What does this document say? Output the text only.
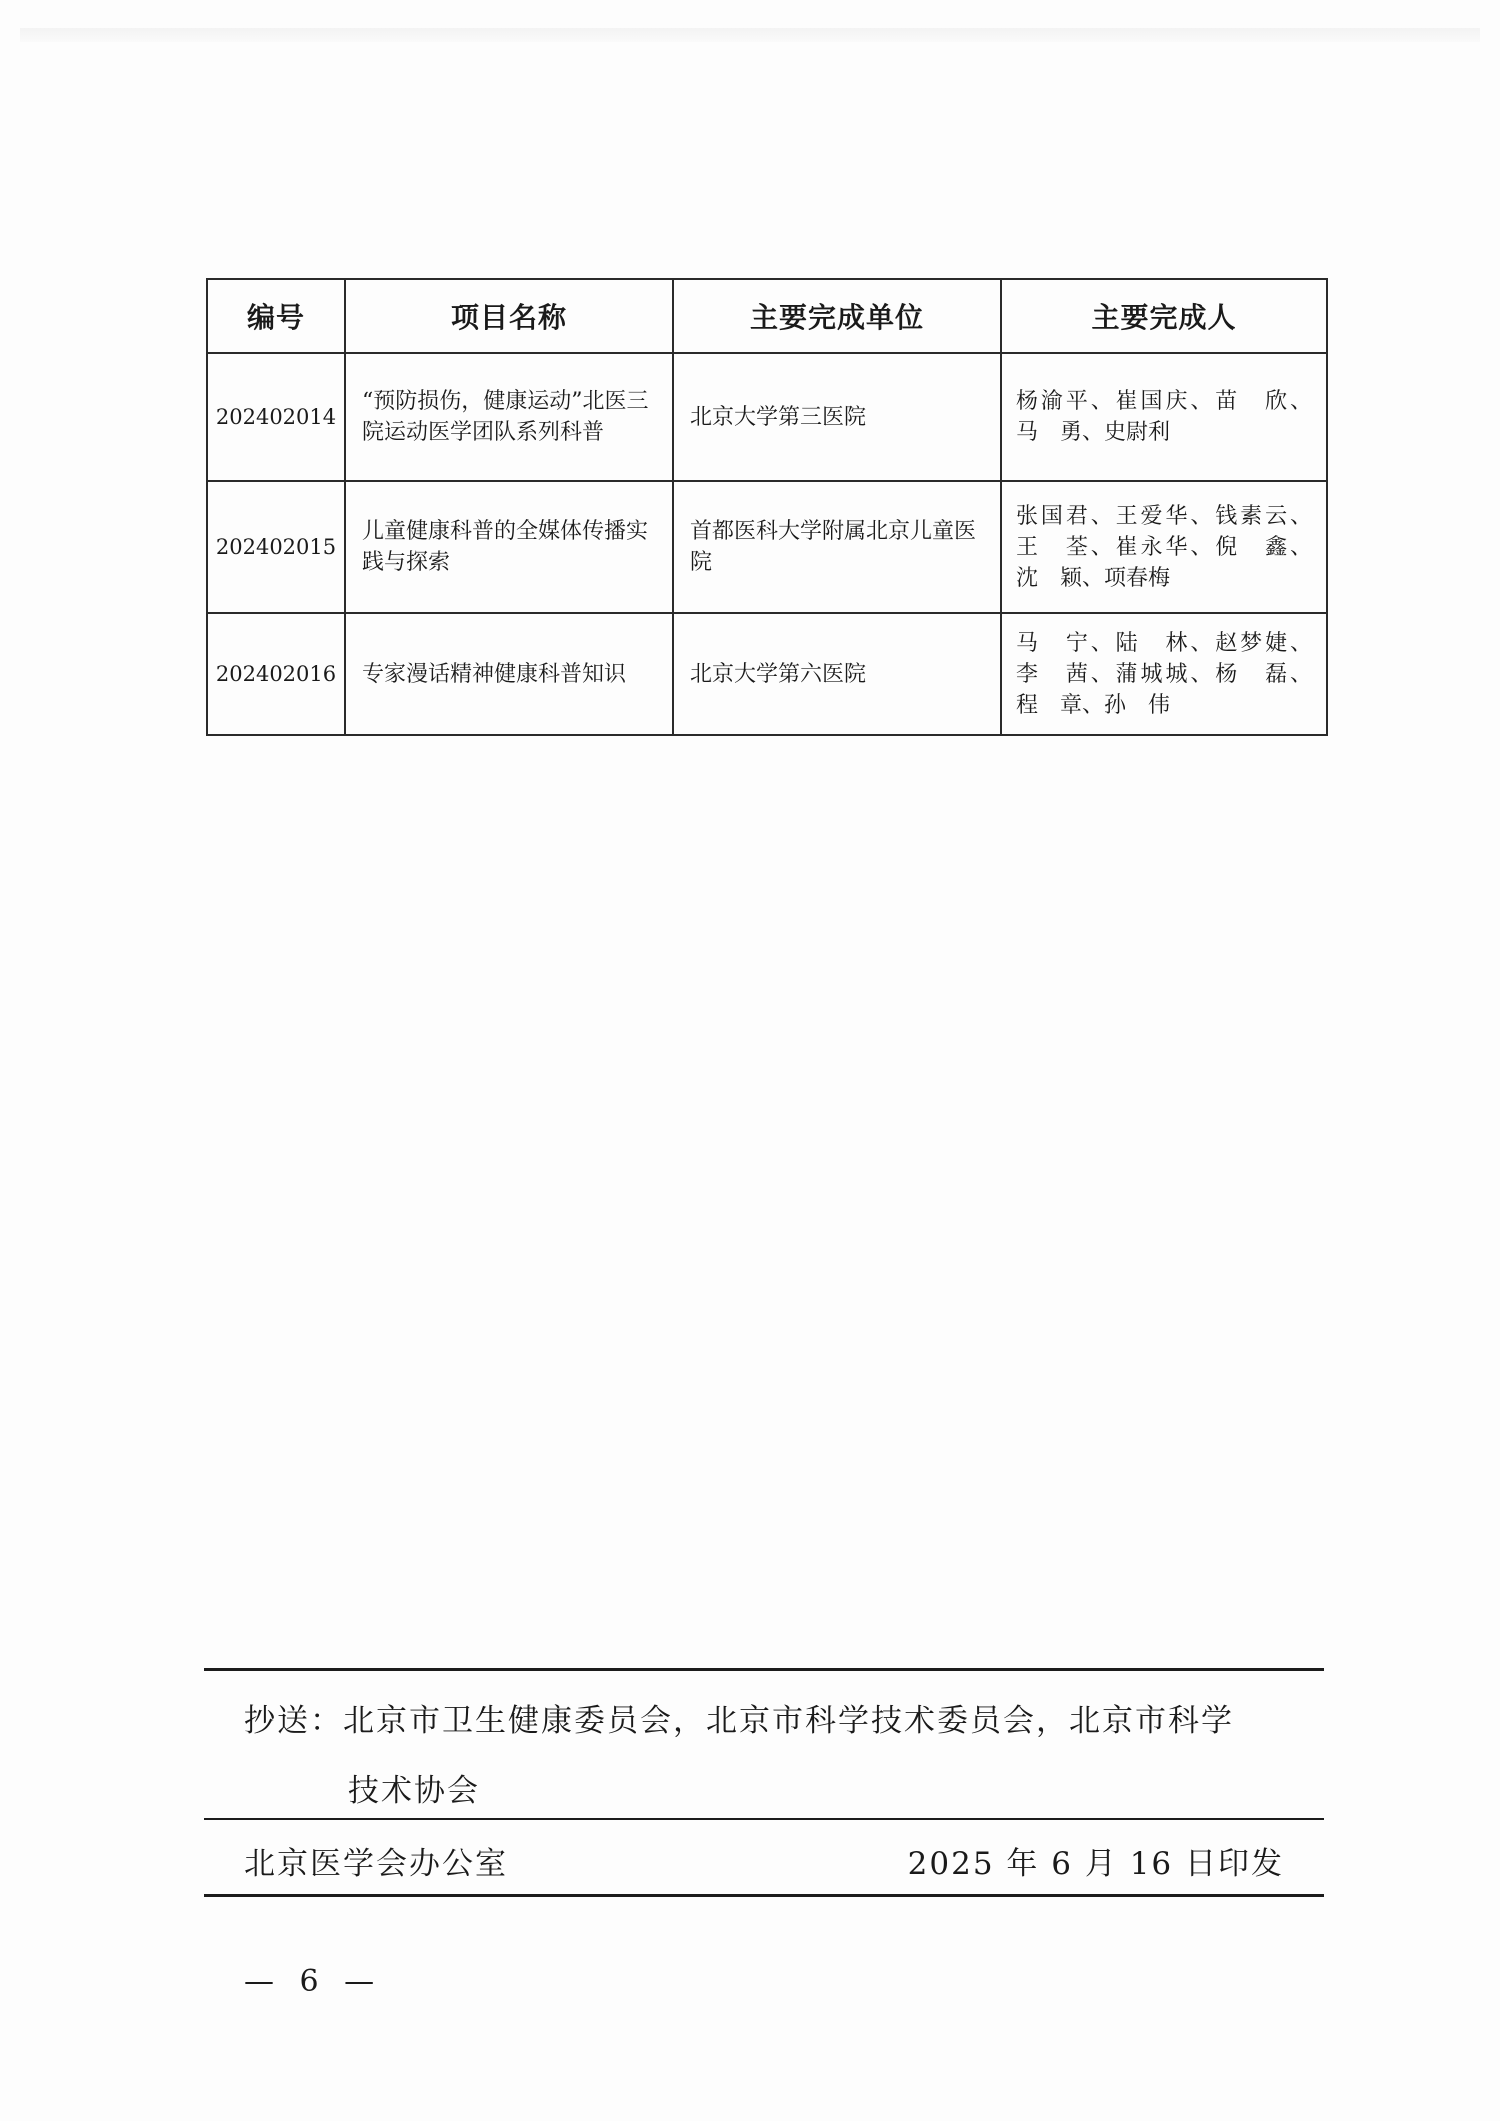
编号	项目名称	主要完成单位	主要完成人
202402014	“预防损伤，健康运动”北医三院运动医学团队系列科普	北京大学第三医院	杨渝平、崔国庆、苗　欣、
马　勇、史尉利

202402015	儿童健康科普的全媒体传播实践与探索	首都医科大学附属北京儿童医院	张国君、王爱华、钱素云、
王　荃、崔永华、倪　鑫、
沈　颖、项春梅

202402016	专家漫话精神健康科普知识	北京大学第六医院	马　宁、陆　林、赵梦婕、
李　茜、蒲城城、杨　磊、
程　章、孙　伟
抄送：北京市卫生健康委员会，北京市科学技术委员会，北京市科学
技术协会
北京医学会办公室	2025 年 6 月 16 日印发
— 6 —
